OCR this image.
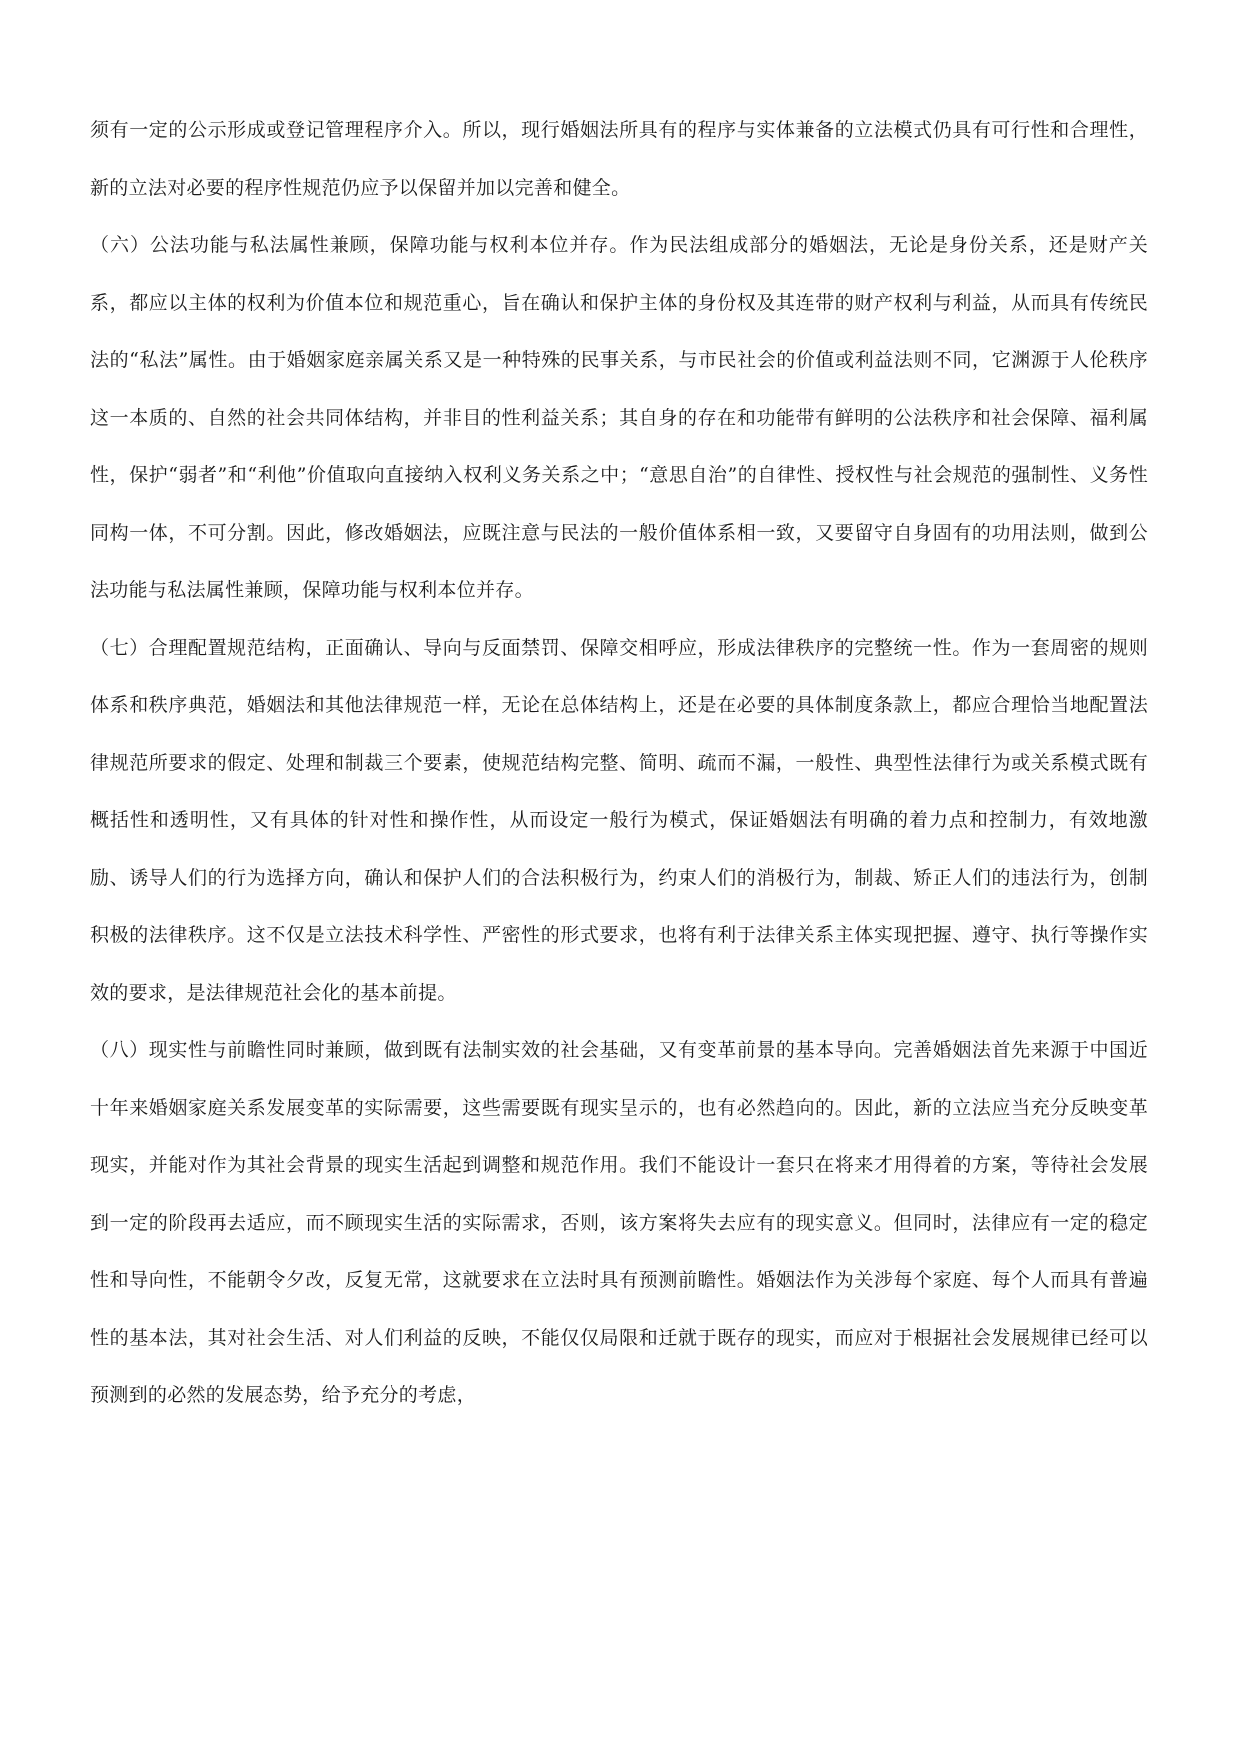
须有一定的公示形成或登记管理程序介入。所以，现行婚姻法所具有的程序与实体兼备的立法模式仍具有可行性和合理性，新的立法对必要的程序性规范仍应予以保留并加以完善和健全。

（六）公法功能与私法属性兼顾，保障功能与权利本位并存。作为民法组成部分的婚姻法，无论是身份关系，还是财产关系，都应以主体的权利为价值本位和规范重心，旨在确认和保护主体的身份权及其连带的财产权利与利益，从而具有传统民法的“私法”属性。由于婚姻家庭亲属关系又是一种特殊的民事关系，与市民社会的价值或利益法则不同，它渊源于人伦秩序这一本质的、自然的社会共同体结构，并非目的性利益关系；其自身的存在和功能带有鲜明的公法秩序和社会保障、福利属性，保护“弱者”和“利他”价值取向直接纳入权利义务关系之中；“意思自治”的自律性、授权性与社会规范的强制性、义务性同构一体，不可分割。因此，修改婚姻法，应既注意与民法的一般价值体系相一致，又要留守自身固有的功用法则，做到公法功能与私法属性兼顾，保障功能与权利本位并存。

（七）合理配置规范结构，正面确认、导向与反面禁罚、保障交相呼应，形成法律秩序的完整统一性。作为一套周密的规则体系和秩序典范，婚姻法和其他法律规范一样，无论在总体结构上，还是在必要的具体制度条款上，都应合理恰当地配置法律规范所要求的假定、处理和制裁三个要素，使规范结构完整、简明、疏而不漏，一般性、典型性法律行为或关系模式既有概括性和透明性，又有具体的针对性和操作性，从而设定一般行为模式，保证婚姻法有明确的着力点和控制力，有效地激励、诱导人们的行为选择方向，确认和保护人们的合法积极行为，约束人们的消极行为，制裁、矫正人们的违法行为，创制积极的法律秩序。这不仅是立法技术科学性、严密性的形式要求，也将有利于法律关系主体实现把握、遵守、执行等操作实效的要求，是法律规范社会化的基本前提。

（八）现实性与前瞻性同时兼顾，做到既有法制实效的社会基础，又有变革前景的基本导向。完善婚姻法首先来源于中国近十年来婚姻家庭关系发展变革的实际需要，这些需要既有现实呈示的，也有必然趋向的。因此，新的立法应当充分反映变革现实，并能对作为其社会背景的现实生活起到调整和规范作用。我们不能设计一套只在将来才用得着的方案，等待社会发展到一定的阶段再去适应，而不顾现实生活的实际需求，否则，该方案将失去应有的现实意义。但同时，法律应有一定的稳定性和导向性，不能朝令夕改，反复无常，这就要求在立法时具有预测前瞻性。婚姻法作为关涉每个家庭、每个人而具有普遍性的基本法，其对社会生活、对人们利益的反映，不能仅仅局限和迁就于既存的现实，而应对于根据社会发展规律已经可以预测到的必然的发展态势，给予充分的考虑，
